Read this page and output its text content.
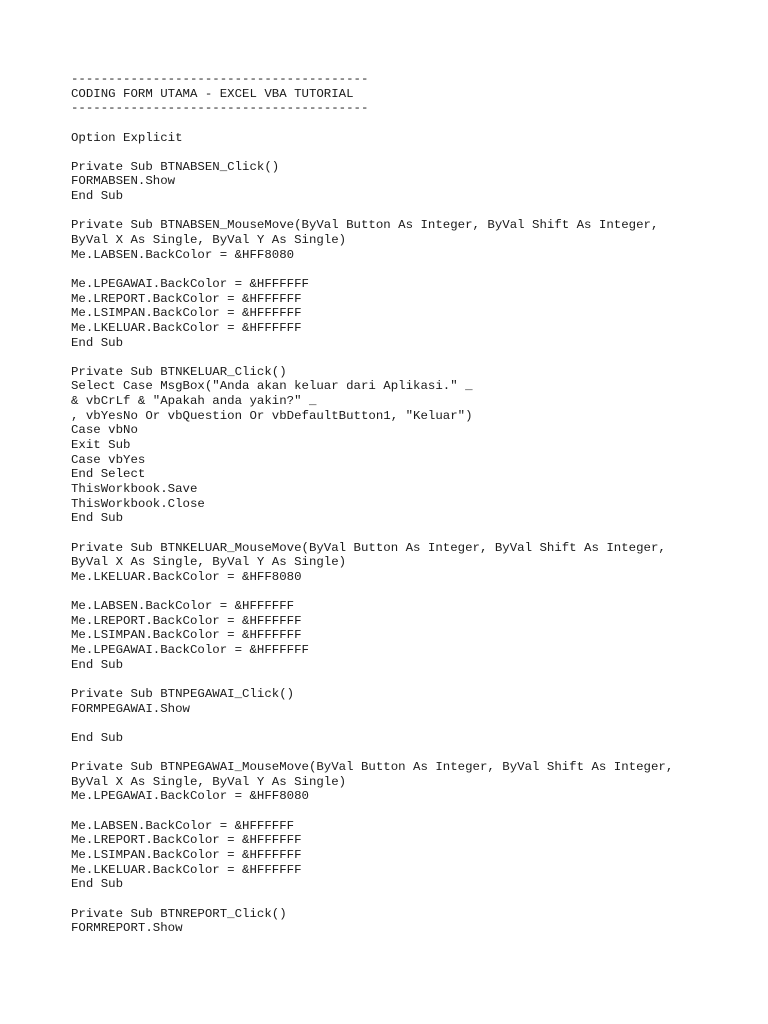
----------------------------------------
CODING FORM UTAMA - EXCEL VBA TUTORIAL
----------------------------------------
Option Explicit
Private Sub BTNABSEN_Click()
FORMABSEN.Show
End Sub
Private Sub BTNABSEN_MouseMove(ByVal Button As Integer, ByVal Shift As Integer,
ByVal X As Single, ByVal Y As Single)
Me.LABSEN.BackColor = &HFF8080
Me.LPEGAWAI.BackColor = &HFFFFFF
Me.LREPORT.BackColor = &HFFFFFF
Me.LSIMPAN.BackColor = &HFFFFFF
Me.LKELUAR.BackColor = &HFFFFFF
End Sub
Private Sub BTNKELUAR_Click()
Select Case MsgBox("Anda akan keluar dari Aplikasi." _
& vbCrLf & "Apakah anda yakin?" _
, vbYesNo Or vbQuestion Or vbDefaultButton1, "Keluar")
Case vbNo
Exit Sub
Case vbYes
End Select
ThisWorkbook.Save
ThisWorkbook.Close
End Sub
Private Sub BTNKELUAR_MouseMove(ByVal Button As Integer, ByVal Shift As Integer,
ByVal X As Single, ByVal Y As Single)
Me.LKELUAR.BackColor = &HFF8080
Me.LABSEN.BackColor = &HFFFFFF
Me.LREPORT.BackColor = &HFFFFFF
Me.LSIMPAN.BackColor = &HFFFFFF
Me.LPEGAWAI.BackColor = &HFFFFFF
End Sub
Private Sub BTNPEGAWAI_Click()
FORMPEGAWAI.Show
End Sub
Private Sub BTNPEGAWAI_MouseMove(ByVal Button As Integer, ByVal Shift As Integer,
ByVal X As Single, ByVal Y As Single)
Me.LPEGAWAI.BackColor = &HFF8080
Me.LABSEN.BackColor = &HFFFFFF
Me.LREPORT.BackColor = &HFFFFFF
Me.LSIMPAN.BackColor = &HFFFFFF
Me.LKELUAR.BackColor = &HFFFFFF
End Sub
Private Sub BTNREPORT_Click()
FORMREPORT.Show
